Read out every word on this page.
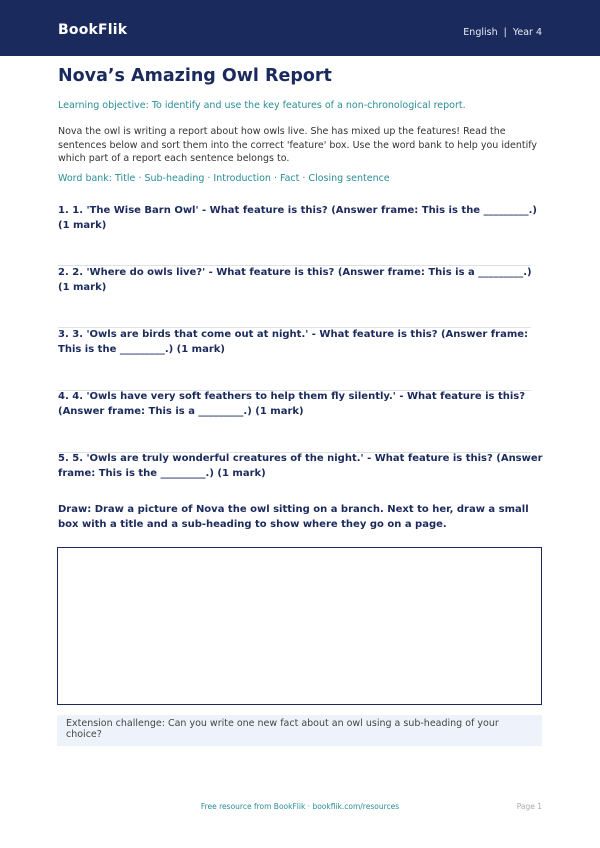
BookFlik	English | Year 4
Nova’s Amazing Owl Report
Learning objective: To identify and use the key features of a non-chronological report.
Nova the owl is writing a report about how owls live. She has mixed up the features! Read the sentences below and sort them into the correct 'feature' box. Use the word bank to help you identify which part of a report each sentence belongs to.
Word bank: Title · Sub-heading · Introduction · Fact · Closing sentence
1. 1. 'The Wise Barn Owl' - What feature is this? (Answer frame: This is the _________.) (1 mark)
2. 2. 'Where do owls live?' - What feature is this? (Answer frame: This is a _________.) (1 mark)
3. 3. 'Owls are birds that come out at night.' - What feature is this? (Answer frame: This is the _________.) (1 mark)
4. 4. 'Owls have very soft feathers to help them fly silently.' - What feature is this? (Answer frame: This is a _________.) (1 mark)
5. 5. 'Owls are truly wonderful creatures of the night.' - What feature is this? (Answer frame: This is the _________.) (1 mark)
Draw: Draw a picture of Nova the owl sitting on a branch. Next to her, draw a small box with a title and a sub-heading to show where they go on a page.
Extension challenge: Can you write one new fact about an owl using a sub-heading of your choice?
Free resource from BookFlik · bookflik.com/resources	Page 1
